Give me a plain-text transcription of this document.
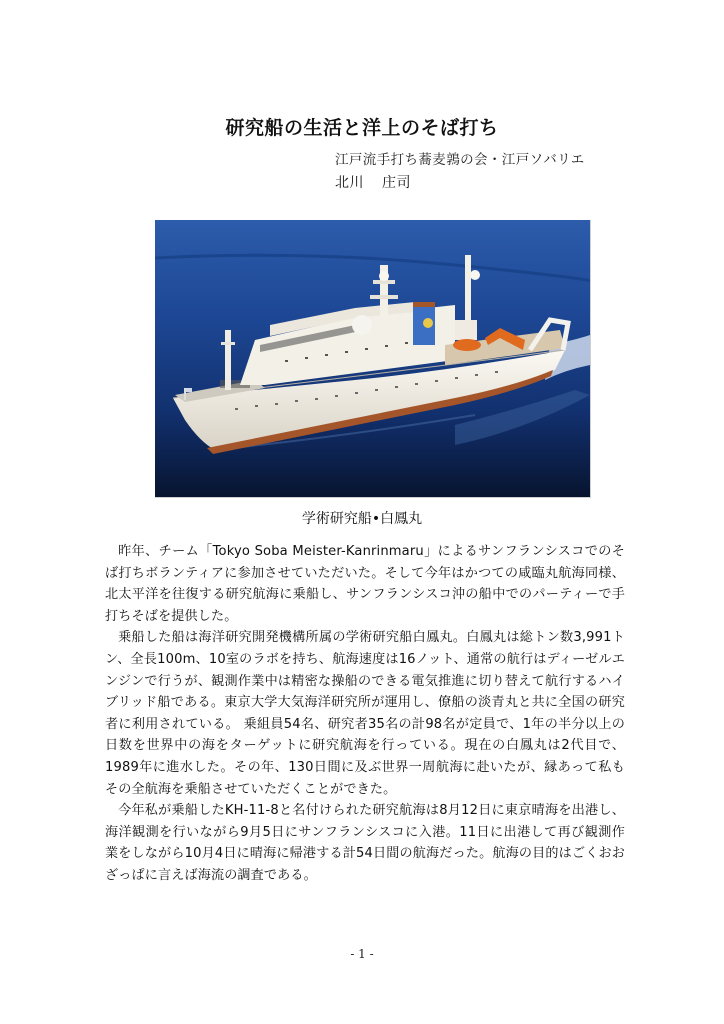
研究船の生活と洋上のそば打ち
江戸流手打ち蕎麦鶉の会・江戸ソバリエ
北川 庄司
学術研究船•白鳳丸

昨年、チーム「Tokyo Soba Meister-Kanrinmaru」によるサンフランシスコでのそば打ちボランティアに参加させていただいた。そして今年はかつての咸臨丸航海同様、北太平洋を往復する研究航海に乗船し、サンフランシスコ沖の船中でのパーティーで手打ちそばを提供した。

乗船した船は海洋研究開発機構所属の学術研究船白鳳丸。白鳳丸は総トン数3,991トン、全長100m、10室のラボを持ち、航海速度は16ノット、通常の航行はディーゼルエンジンで行うが、観測作業中は精密な操船のできる電気推進に切り替えて航行するハイブリッド船である。東京大学大気海洋研究所が運用し、僚船の淡青丸と共に全国の研究者に利用されている。 乗組員54名、研究者35名の計98名が定員で、1年の半分以上の日数を世界中の海をターゲットに研究航海を行っている。現在の白鳳丸は2代目で、1989年に進水した。その年、130日間に及ぶ世界一周航海に赴いたが、縁あって私もその全航海を乗船させていただくことができた。

今年私が乗船したKH-11-8と名付けられた研究航海は8月12日に東京晴海を出港し、海洋観測を行いながら9月5日にサンフランシスコに入港。11日に出港して再び観測作業をしながら10月4日に晴海に帰港する計54日間の航海だった。航海の目的はごくおおざっぱに言えば海流の調査である。

- 1 -
